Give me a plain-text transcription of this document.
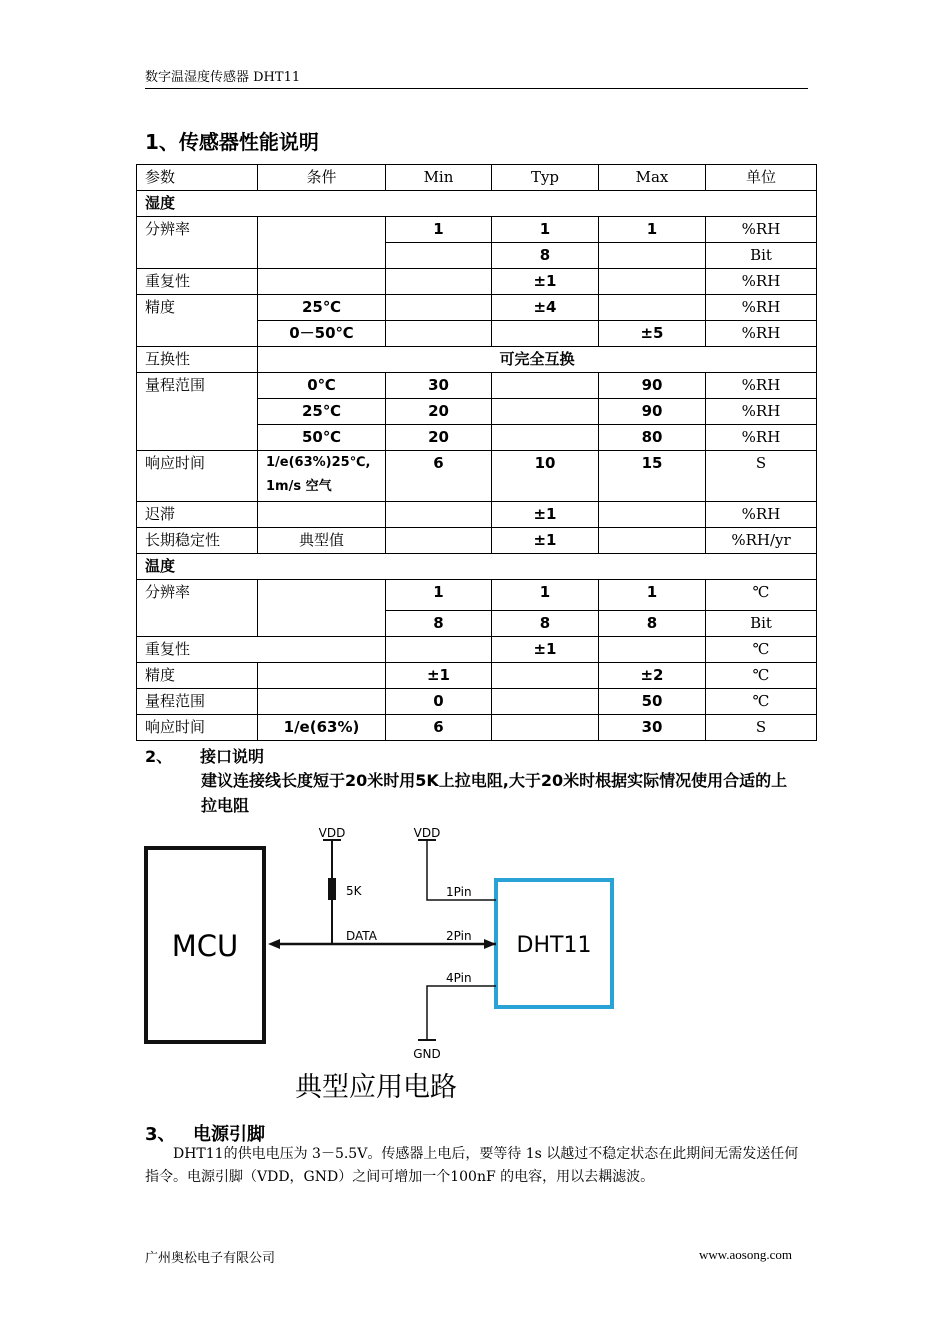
数字温湿度传感器 DHT11
1、传感器性能说明
参数	条件	Min	Typ	Max	单位
湿度					
分辨率		1	1	1	%RH
			8		Bit
重复性			±1		%RH
精度	25℃		±4		%RH
	0－50℃			±5	%RH
互换性	可完全互换				
量程范围	0℃	30		90	%RH
	25℃	20		90	%RH
	50℃	20		80	%RH
响应时间	1/e(63%)25℃,
1m/s 空气	6	10	15	S
迟滞			±1		%RH
长期稳定性	典型值		±1		%RH/yr
温度					
分辨率		1	1	1	℃
		8	8	8	Bit
重复性			±1		℃
精度		±1		±2	℃
量程范围		0		50	℃
响应时间	1/e(63%)	6		30	S
2、 接口说明
建议连接线长度短于20米时用5K上拉电阻,大于20米时根据实际情况使用合适的上拉电阻
MCU	DHT11
VDD
5K
DATA	2Pin
VDD
1Pin
4Pin
GND
典型应用电路
3、 电源引脚
DHT11的供电电压为 3－5.5V。传感器上电后，要等待 1s 以越过不稳定状态在此期间无需发送任何指令。电源引脚（VDD，GND）之间可增加一个100nF 的电容，用以去耦滤波。
广州奥松电子有限公司	www.aosong.com
